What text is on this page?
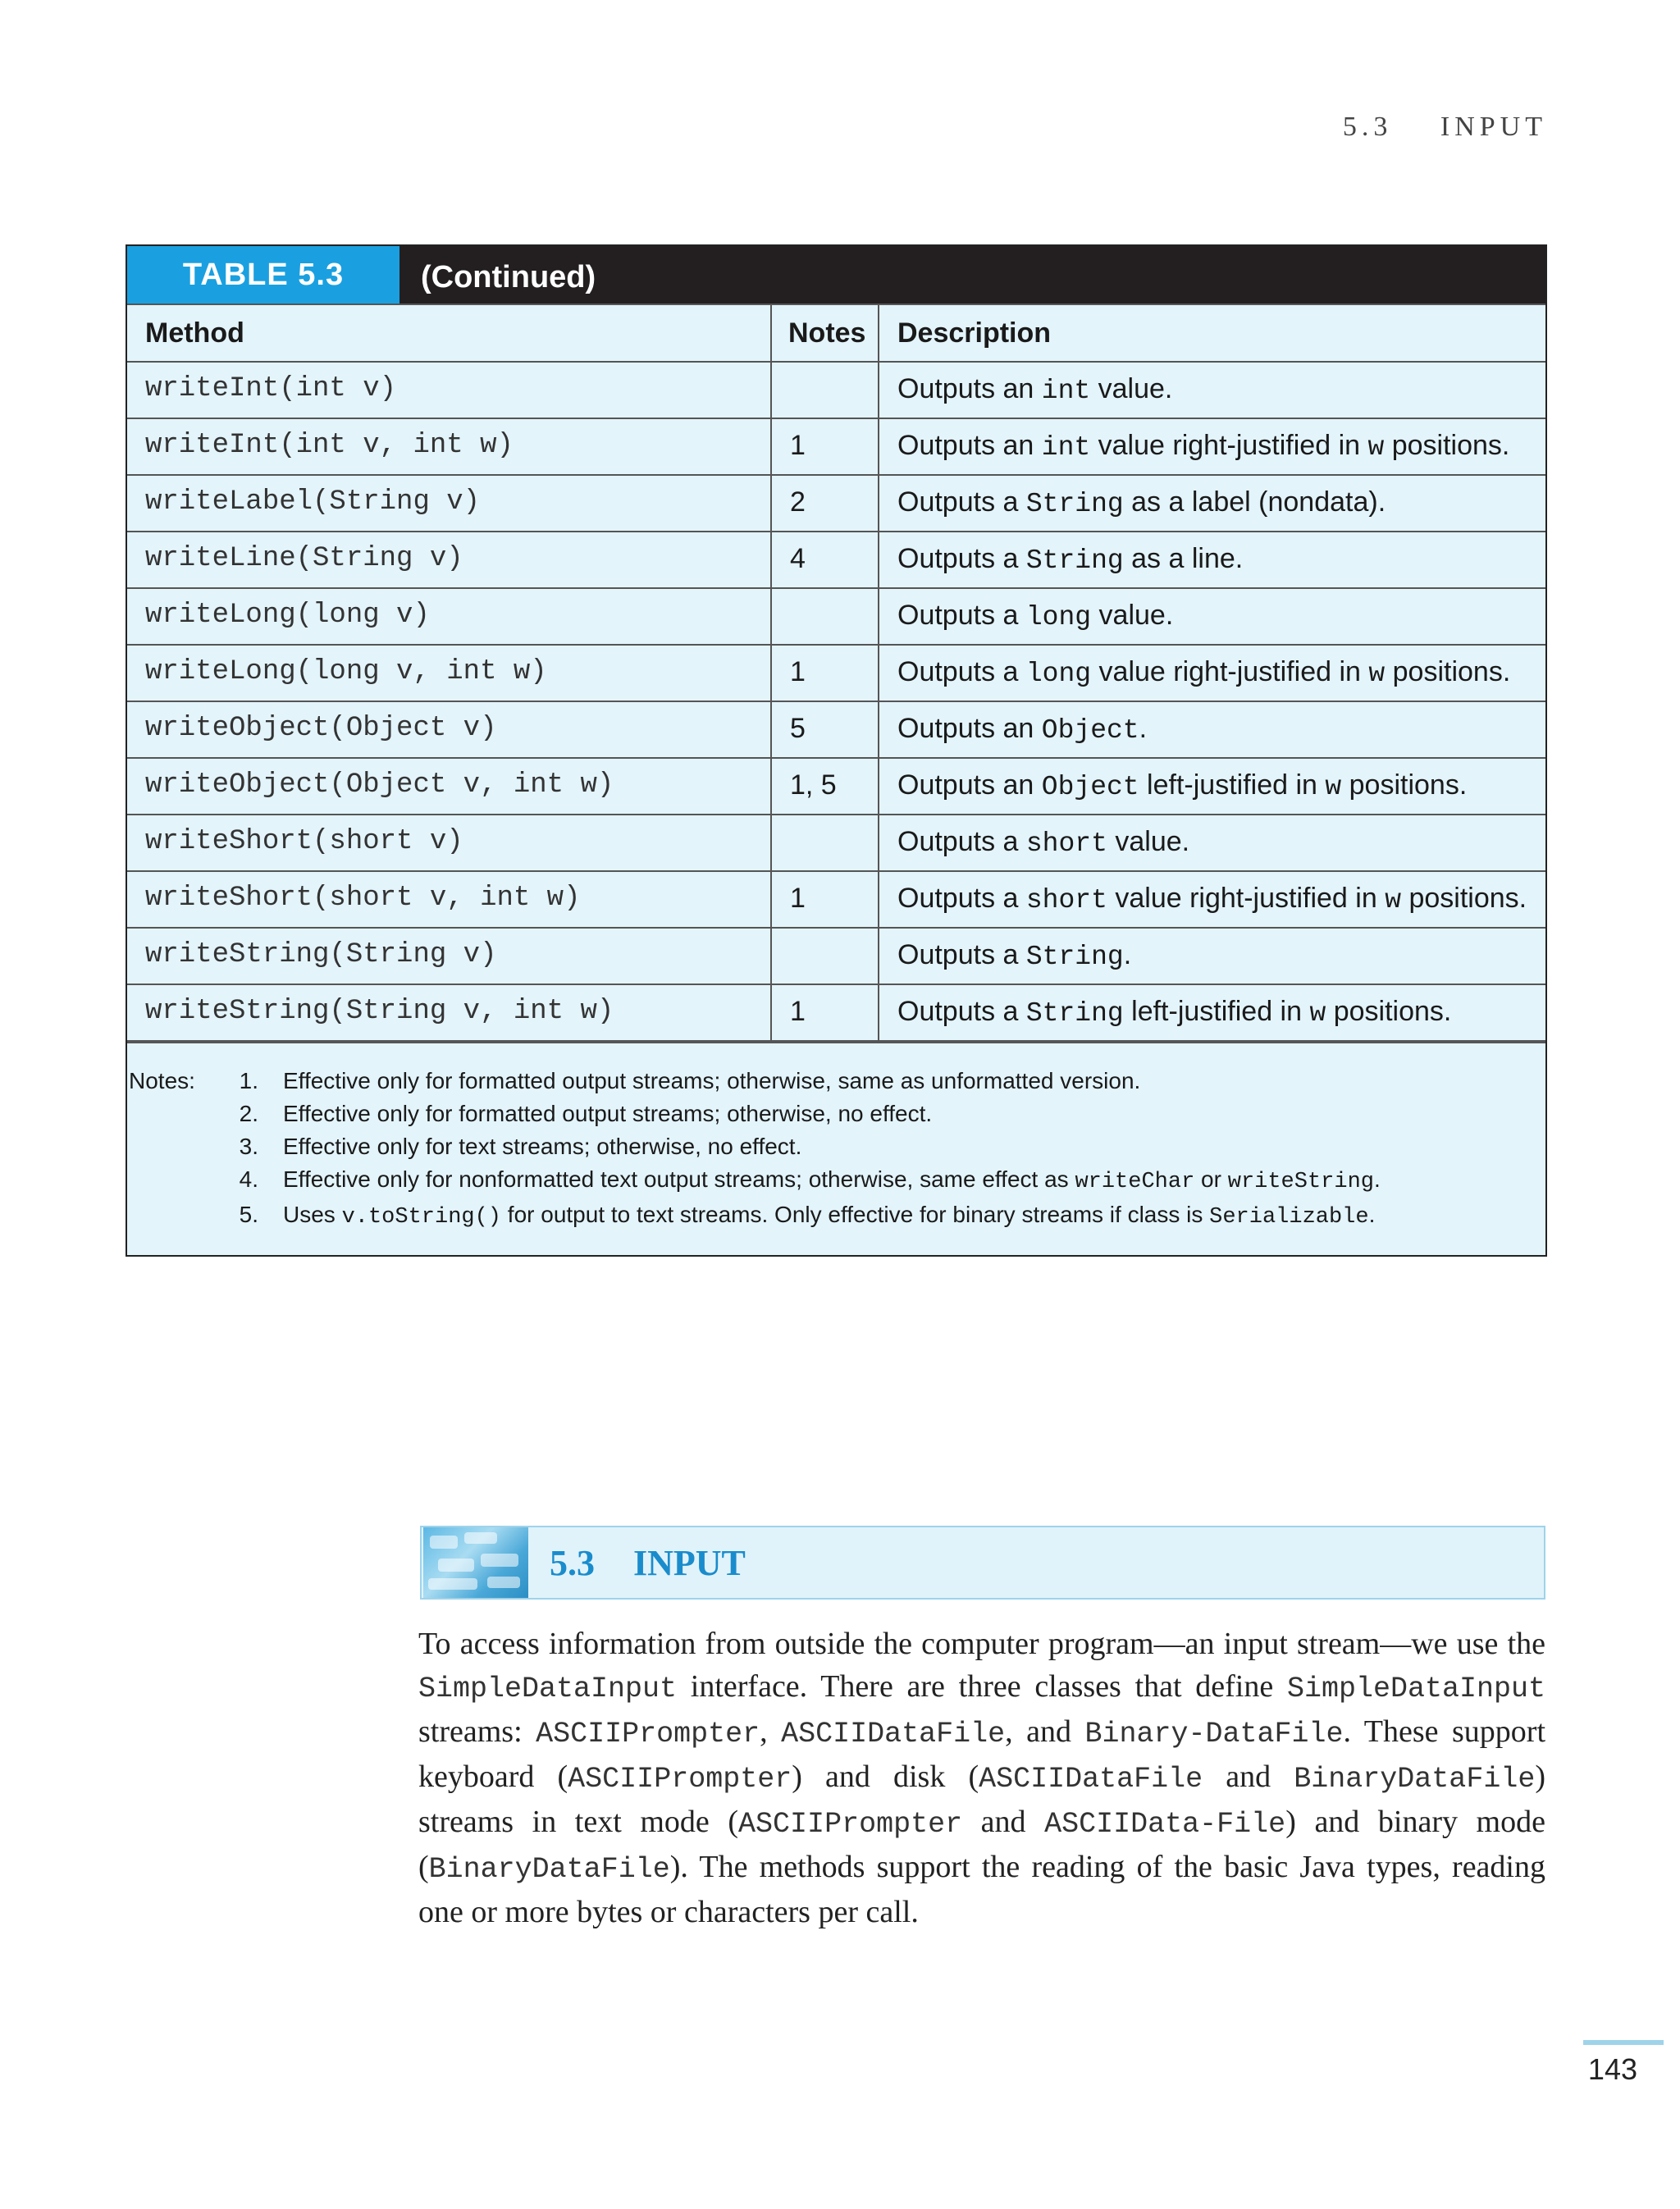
5.3 INPUT
TABLE 5.3	(Continued)
Method	Notes	Description
writeInt(int v)		Outputs an int value.
writeInt(int v, int w)	1	Outputs an int value right-justified in w positions.
writeLabel(String v)	2	Outputs a String as a label (nondata).
writeLine(String v)	4	Outputs a String as a line.
writeLong(long v)		Outputs a long value.
writeLong(long v, int w)	1	Outputs a long value right-justified in w positions.
writeObject(Object v)	5	Outputs an Object.
writeObject(Object v, int w)	1, 5	Outputs an Object left-justified in w positions.
writeShort(short v)		Outputs a short value.
writeShort(short v, int w)	1	Outputs a short value right-justified in w positions.
writeString(String v)		Outputs a String.
writeString(String v, int w)	1	Outputs a String left-justified in w positions.
Notes:	1.	Effective only for formatted output streams; otherwise, same as unformatted version.
2.	Effective only for formatted output streams; otherwise, no effect.
3.	Effective only for text streams; otherwise, no effect.
4.	Effective only for nonformatted text output streams; otherwise, same effect as writeChar or writeString.
5.	Uses v.toString() for output to text streams. Only effective for binary streams if class is Serializable.
5.3 INPUT
To access information from outside the computer program—an input stream—we use the SimpleDataInput interface. There are three classes that define SimpleDataInput streams: ASCIIPrompter, ASCIIDataFile, and Binary-DataFile. These support keyboard (ASCIIPrompter) and disk (ASCIIDataFile and BinaryDataFile) streams in text mode (ASCIIPrompter and ASCIIData-File) and binary mode (BinaryDataFile). The methods support the reading of the basic Java types, reading one or more bytes or characters per call.
143
